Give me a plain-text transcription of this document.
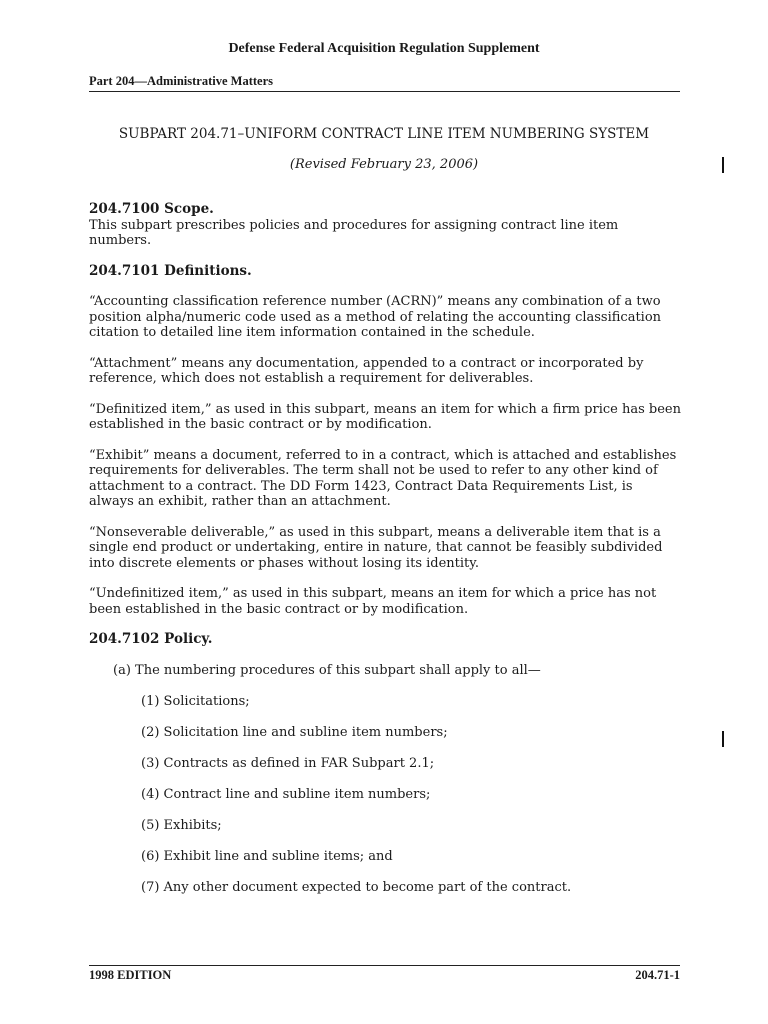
Defense Federal Acquisition Regulation Supplement
Part 204—Administrative Matters
SUBPART 204.71–UNIFORM CONTRACT LINE ITEM NUMBERING SYSTEM
(Revised February 23, 2006)

204.7100 Scope.

This subpart prescribes policies and procedures for assigning contract line item numbers.

204.7101 Definitions.

“Accounting classification reference number (ACRN)” means any combination of a two position alpha/numeric code used as a method of relating the accounting classification citation to detailed line item information contained in the schedule.

“Attachment” means any documentation, appended to a contract or incorporated by reference, which does not establish a requirement for deliverables.

“Definitized item,” as used in this subpart, means an item for which a firm price has been established in the basic contract or by modification.

“Exhibit” means a document, referred to in a contract, which is attached and establishes requirements for deliverables. The term shall not be used to refer to any other kind of attachment to a contract. The DD Form 1423, Contract Data Requirements List, is always an exhibit, rather than an attachment.

“Nonseverable deliverable,” as used in this subpart, means a deliverable item that is a single end product or undertaking, entire in nature, that cannot be feasibly subdivided into discrete elements or phases without losing its identity.

“Undefinitized item,” as used in this subpart, means an item for which a price has not been established in the basic contract or by modification.

204.7102 Policy.

(a) The numbering procedures of this subpart shall apply to all—

(1) Solicitations;

(2) Solicitation line and subline item numbers;

(3) Contracts as defined in FAR Subpart 2.1;

(4) Contract line and subline item numbers;

(5) Exhibits;

(6) Exhibit line and subline items; and

(7) Any other document expected to become part of the contract.

1998 EDITION	204.71-1
